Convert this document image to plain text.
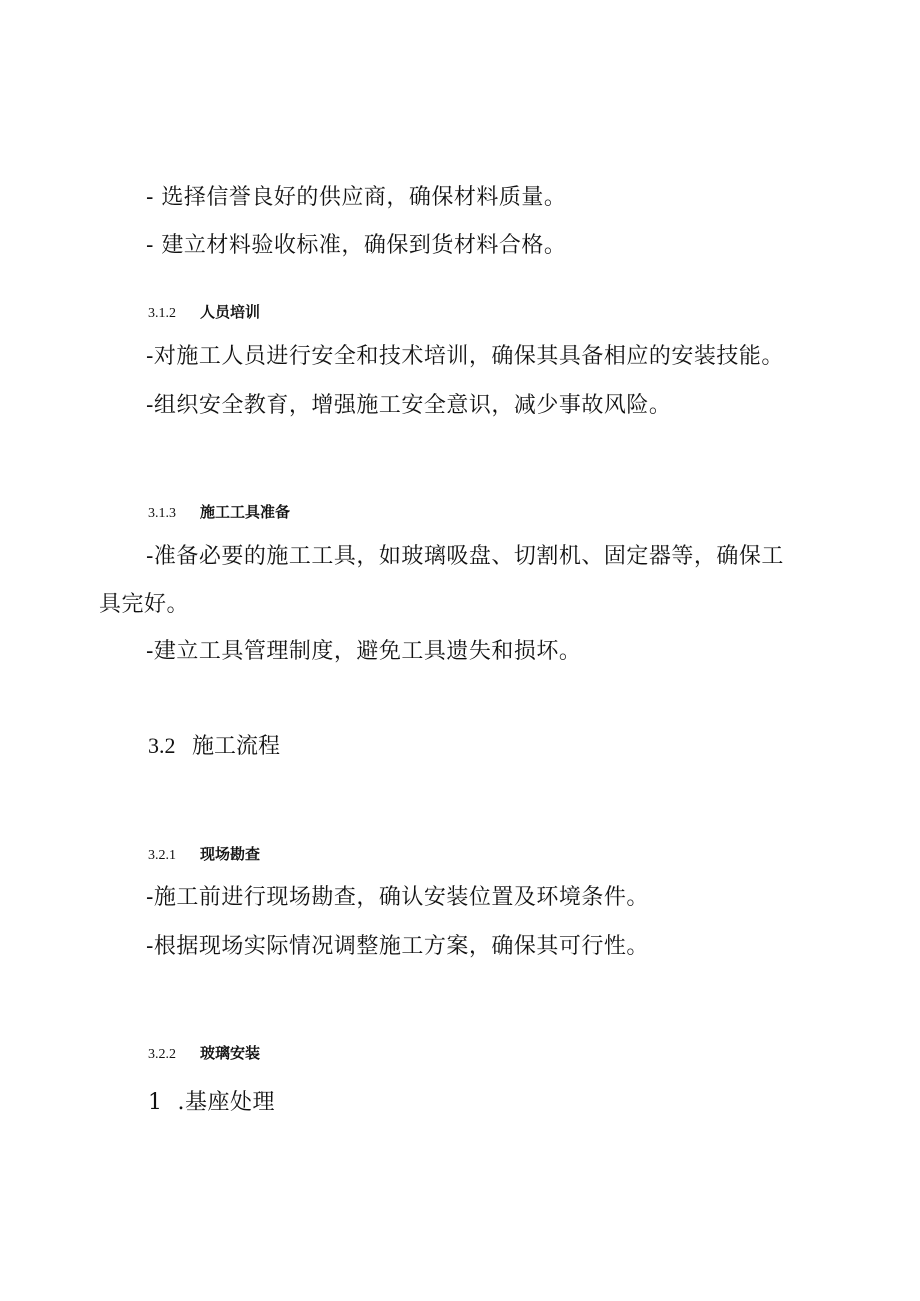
- 选择信誉良好的供应商，确保材料质量。
- 建立材料验收标准，确保到货材料合格。
3.1.2 人员培训
-对施工人员进行安全和技术培训，确保其具备相应的安装技能。
-组织安全教育，增强施工安全意识，减少事故风险。
3.1.3 施工工具准备
-准备必要的施工工具，如玻璃吸盘、切割机、固定器等，确保工
具完好。
-建立工具管理制度，避免工具遗失和损坏。
3.2 施工流程
3.2.1 现场勘查
-施工前进行现场勘查，确认安装位置及环境条件。
-根据现场实际情况调整施工方案，确保其可行性。
3.2.2 玻璃安装
1  .基座处理
